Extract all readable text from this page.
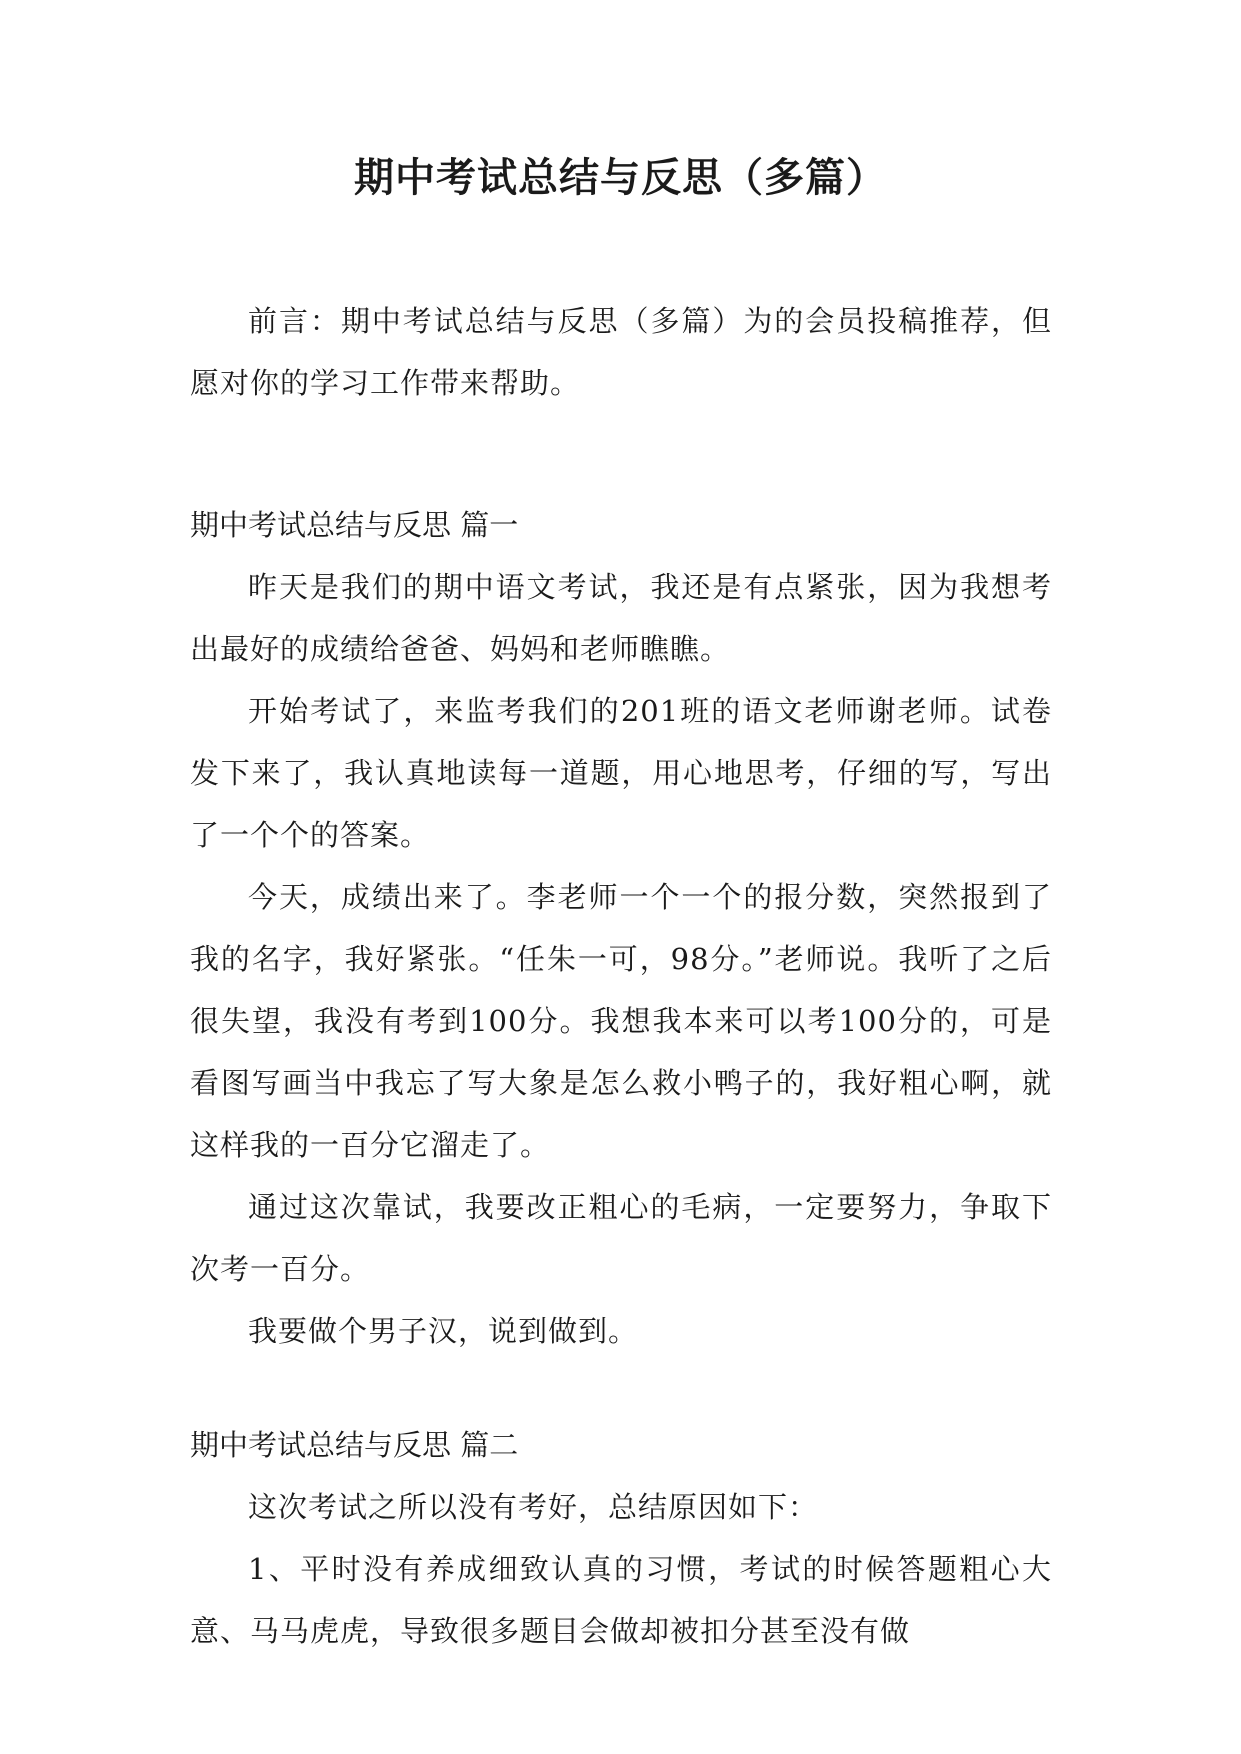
期中考试总结与反思（多篇）

前言：期中考试总结与反思（多篇）为的会员投稿推荐，但愿对你的学习工作带来帮助。

期中考试总结与反思 篇一

昨天是我们的期中语文考试，我还是有点紧张，因为我想考出最好的成绩给爸爸、妈妈和老师瞧瞧。

开始考试了，来监考我们的201班的语文老师谢老师。试卷发下来了，我认真地读每一道题，用心地思考，仔细的写，写出了一个个的答案。

今天，成绩出来了。李老师一个一个的报分数，突然报到了我的名字，我好紧张。“任朱一可，98分。”老师说。我听了之后很失望，我没有考到100分。我想我本来可以考100分的，可是看图写画当中我忘了写大象是怎么救小鸭子的，我好粗心啊，就这样我的一百分它溜走了。

通过这次靠试，我要改正粗心的毛病，一定要努力，争取下次考一百分。

我要做个男子汉，说到做到。

期中考试总结与反思 篇二

这次考试之所以没有考好，总结原因如下：

1、平时没有养成细致认真的习惯，考试的时候答题粗心大意、马马虎虎，导致很多题目会做却被扣分甚至没有做
